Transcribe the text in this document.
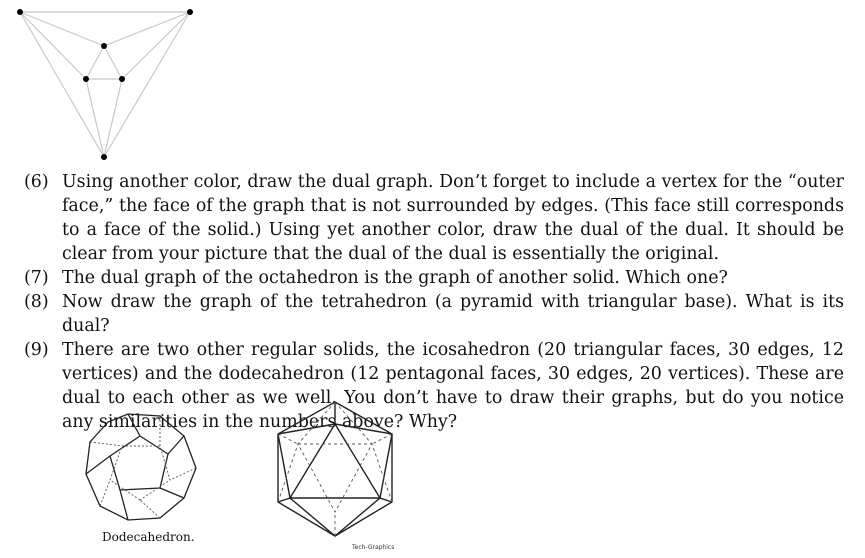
(6) Using another color, draw the dual graph. Don’t forget to include a vertex for the “outer face,” the face of the graph that is not surrounded by edges. (This face still corresponds to a face of the solid.) Using yet another color, draw the dual of the dual. It should be clear from your picture that the dual of the dual is essentially the original.
(7) The dual graph of the octahedron is the graph of another solid. Which one?
(8) Now draw the graph of the tetrahedron (a pyramid with triangular base). What is its dual?
(9) There are two other regular solids, the icosahedron (20 triangular faces, 30 edges, 12 vertices) and the dodecahedron (12 pentagonal faces, 30 edges, 20 vertices). These are dual to each other as we well. You don’t have to draw their graphs, but do you notice any similarities in the numbers above? Why?
Dodecahedron.
Tech-Graphics
